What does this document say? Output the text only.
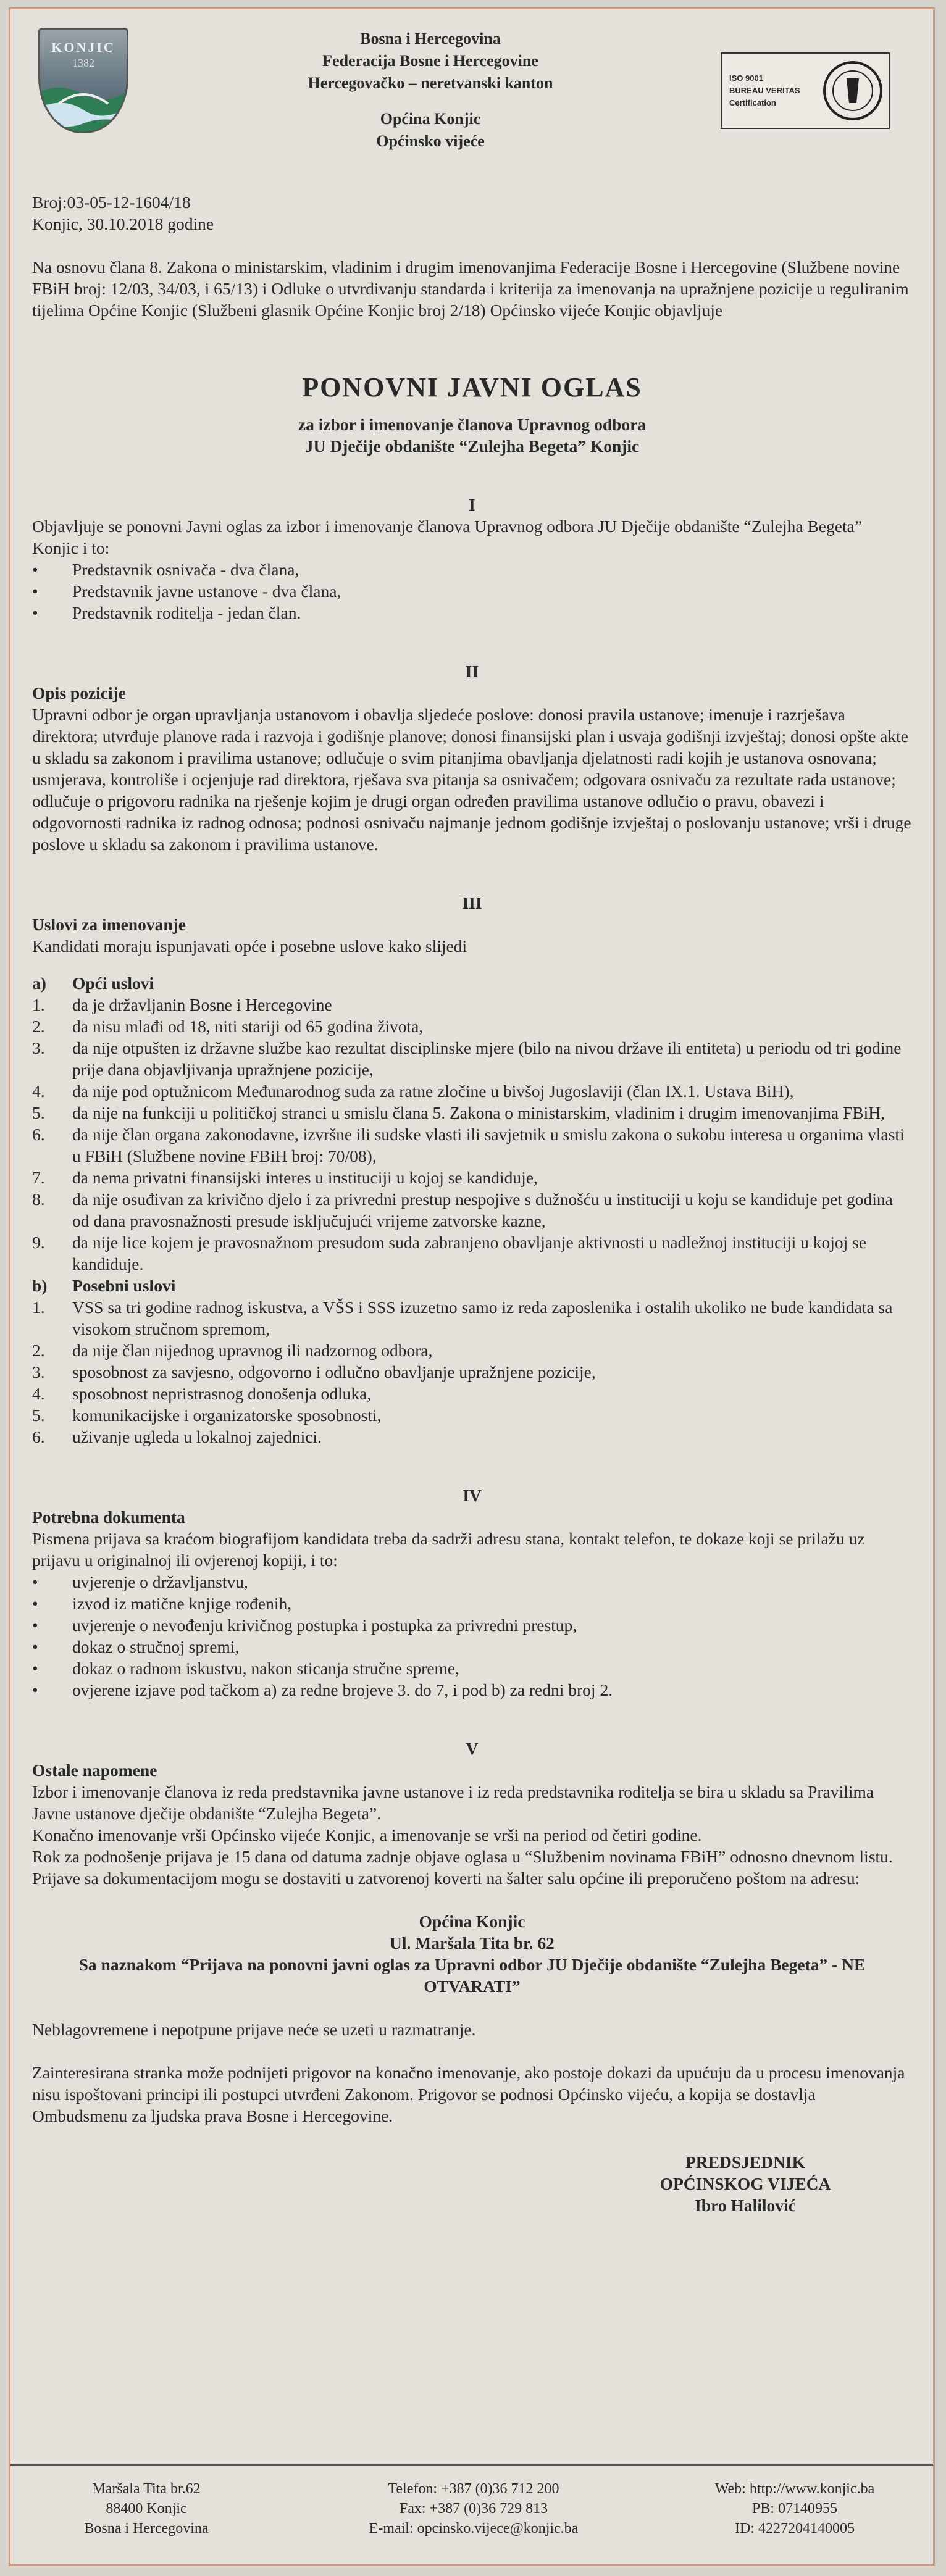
KONJIC
1382
Bosna i Hercegovina
Federacija Bosne i Hercegovine
Hercegovačko – neretvanski kanton
Općina Konjic
Općinsko vijeće
ISO 9001
BUREAU VERITAS
Certification

Broj:03-05-12-1604/18

Konjic, 30.10.2018 godine

Na osnovu člana 8. Zakona o ministarskim, vladinim i drugim imenovanjima Federacije Bosne i Hercegovine (Službene novine FBiH broj: 12/03, 34/03, i 65/13) i Odluke o utvrđivanju standarda i kriterija za imenovanja na upražnjene pozicije u reguliranim tijelima Općine Konjic (Službeni glasnik Općine Konjic broj 2/18) Općinsko vijeće Konjic objavljuje

PONOVNI JAVNI OGLAS

za izbor i imenovanje članova Upravnog odbora

JU Dječije obdanište “Zulejha Begeta” Konjic

I

Objavljuje se ponovni Javni oglas za izbor i imenovanje članova Upravnog odbora JU Dječije obdanište “Zulejha Begeta” Konjic i to:

• Predstavnik osnivača - dva člana,
• Predstavnik javne ustanove - dva člana,
• Predstavnik roditelja - jedan član.

II

Opis pozicije

Upravni odbor je organ upravljanja ustanovom i obavlja sljedeće poslove: donosi pravila ustanove; imenuje i razrješava direktora; utvrđuje planove rada i razvoja i godišnje planove; donosi finansijski plan i usvaja godišnji izvještaj; donosi opšte akte u skladu sa zakonom i pravilima ustanove; odlučuje o svim pitanjima obavljanja djelatnosti radi kojih je ustanova osnovana; usmjerava, kontroliše i ocjenjuje rad direktora, rješava sva pitanja sa osnivačem; odgovara osnivaču za rezultate rada ustanove; odlučuje o prigovoru radnika na rješenje kojim je drugi organ određen pravilima ustanove odlučio o pravu, obavezi i odgovornosti radnika iz radnog odnosa; podnosi osnivaču najmanje jednom godišnje izvještaj o poslovanju ustanove; vrši i druge poslove u skladu sa zakonom i pravilima ustanove.

III

Uslovi za imenovanje

Kandidati moraju ispunjavati opće i posebne uslove kako slijedi

a) Opći uslovi

1. da je državljanin Bosne i Hercegovine
2. da nisu mlađi od 18, niti stariji od 65 godina života,
3. da nije otpušten iz državne službe kao rezultat disciplinske mjere (bilo na nivou države ili entiteta) u periodu od tri godine prije dana objavljivanja upražnjene pozicije,
4. da nije pod optužnicom Međunarodnog suda za ratne zločine u bivšoj Jugoslaviji (član IX.1. Ustava BiH),
5. da nije na funkciji u političkoj stranci u smislu člana 5. Zakona o ministarskim, vladinim i drugim imenovanjima FBiH,
6. da nije član organa zakonodavne, izvršne ili sudske vlasti ili savjetnik u smislu zakona o sukobu interesa u organima vlasti u FBiH (Službene novine FBiH broj: 70/08),
7. da nema privatni finansijski interes u instituciji u kojoj se kandiduje,
8. da nije osuđivan za krivično djelo i za privredni prestup nespojive s dužnošću u instituciji u koju se kandiduje pet godina od dana pravosnažnosti presude isključujući vrijeme zatvorske kazne,
9. da nije lice kojem je pravosnažnom presudom suda zabranjeno obavljanje aktivnosti u nadležnoj instituciji u kojoj se kandiduje.

b) Posebni uslovi

1. VSS sa tri godine radnog iskustva, a VŠS i SSS izuzetno samo iz reda zaposlenika i ostalih ukoliko ne bude kandidata sa visokom stručnom spremom,
2. da nije član nijednog upravnog ili nadzornog odbora,
3. sposobnost za savjesno, odgovorno i odlučno obavljanje upražnjene pozicije,
4. sposobnost nepristrasnog donošenja odluka,
5. komunikacijske i organizatorske sposobnosti,
6. uživanje ugleda u lokalnoj zajednici.

IV

Potrebna dokumenta

Pismena prijava sa kraćom biografijom kandidata treba da sadrži adresu stana, kontakt telefon, te dokaze koji se prilažu uz prijavu u originalnoj ili ovjerenoj kopiji, i to:

• uvjerenje o državljanstvu,
• izvod iz matične knjige rođenih,
• uvjerenje o nevođenju krivičnog postupka i postupka za privredni prestup,
• dokaz o stručnoj spremi,
• dokaz o radnom iskustvu, nakon sticanja stručne spreme,
• ovjerene izjave pod tačkom a) za redne brojeve 3. do 7, i pod b) za redni broj 2.

V

Ostale napomene

Izbor i imenovanje članova iz reda predstavnika javne ustanove i iz reda predstavnika roditelja se bira u skladu sa Pravilima Javne ustanove dječije obdanište “Zulejha Begeta”.

Konačno imenovanje vrši Općinsko vijeće Konjic, a imenovanje se vrši na period od četiri godine.

Rok za podnošenje prijava je 15 dana od datuma zadnje objave oglasa u “Službenim novinama FBiH” odnosno dnevnom listu.

Prijave sa dokumentacijom mogu se dostaviti u zatvorenoj koverti na šalter salu općine ili preporučeno poštom na adresu:

Općina Konjic

Ul. Maršala Tita br. 62

Sa naznakom “Prijava na ponovni javni oglas za Upravni odbor JU Dječije obdanište “Zulejha Begeta” - NE OTVARATI”

Neblagovremene i nepotpune prijave neće se uzeti u razmatranje.

Zainteresirana stranka može podnijeti prigovor na konačno imenovanje, ako postoje dokazi da upućuju da u procesu imenovanja nisu ispoštovani principi ili postupci utvrđeni Zakonom. Prigovor se podnosi Općinsko vijeću, a kopija se dostavlja Ombudsmenu za ljudska prava Bosne i Hercegovine.

PREDSJEDNIK
OPĆINSKOG VIJEĆA
Ibro Halilović
Maršala Tita br.62
88400 Konjic
Bosna i Hercegovina
Telefon: +387 (0)36 712 200
Fax: +387 (0)36 729 813
E-mail: opcinsko.vijece@konjic.ba
Web: http://www.konjic.ba
PB: 07140955
ID: 4227204140005
